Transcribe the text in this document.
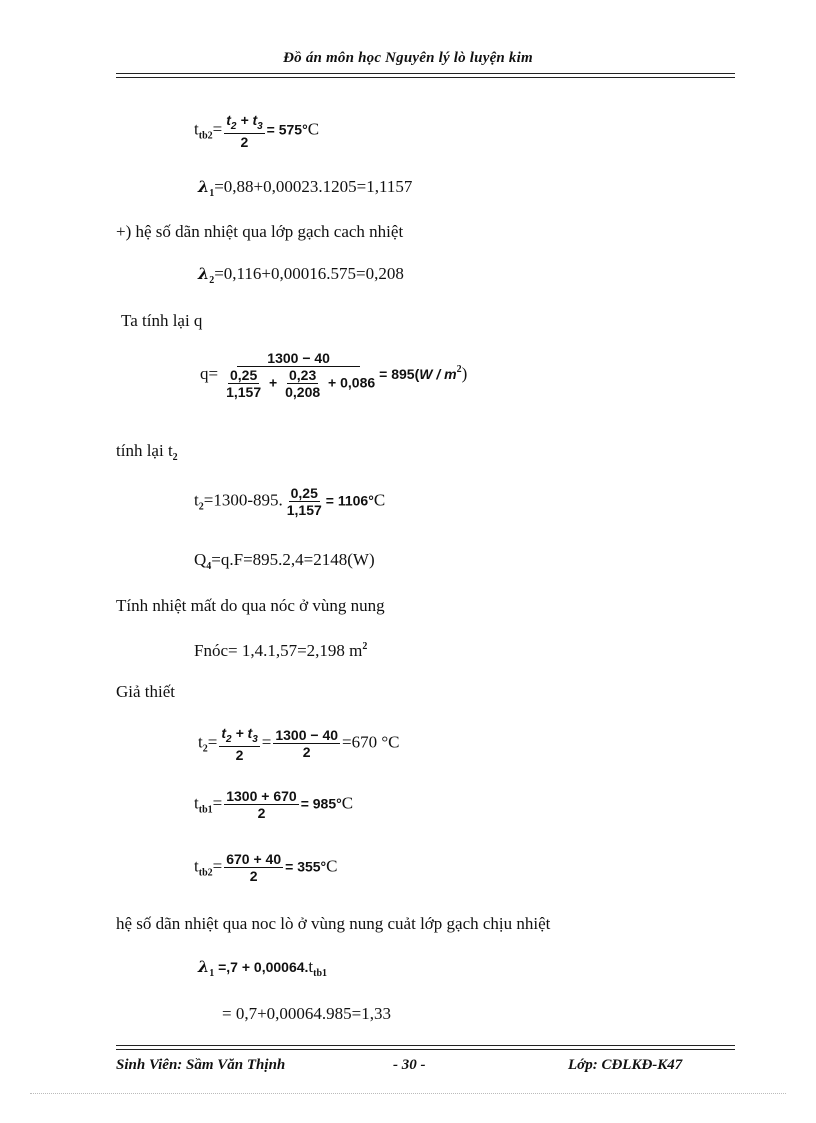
Đồ án môn học Nguyên lý lò luyện kim
$t_{tb2}= \frac{t_2 + t_3}{2} = 575^\circ C$
$\lambda_1=0,88+0,00023.1205=1,1157$
+) hệ số dãn nhiệt qua lớp gạch cach nhiệt
$\lambda_2=0,116+0,00016.575=0,208$
Ta tính lại q
$q= \frac{1300 - 40}{\frac{0,25}{1,157} + \frac{0,23}{0,208} + 0,086} = 895(W / m^2)$
tính lại $t_2$
$t_2=1300-895$. $\frac{0,25}{1,157} = 1106^\circ C$
$Q_4=q.F=895.2,4=2148(W)$
Tính nhiệt mất do qua nóc ở vùng nung
Fnóc= 1,4.1,57=2,198 $m^2$
Giả thiết
$t_2= \frac{t_2 + t_3}{2} = \frac{1300 - 40}{2} =670$ °C
$t_{tb1}= \frac{1300 + 670}{2} = 985^\circ C$
$t_{tb2}= \frac{670 + 40}{2} = 355^\circ C$
hệ số dãn nhiệt qua noc lò ở vùng nung cuảt lớp gạch chịu nhiệt
$\lambda_1 =,7 + 0,00064.t_{tb1}$
= 0,7+0,00064.985=1,33
Sinh Viên: Sầm Văn Thịnh	- 30 -	Lớp: CĐLKĐ-K47
